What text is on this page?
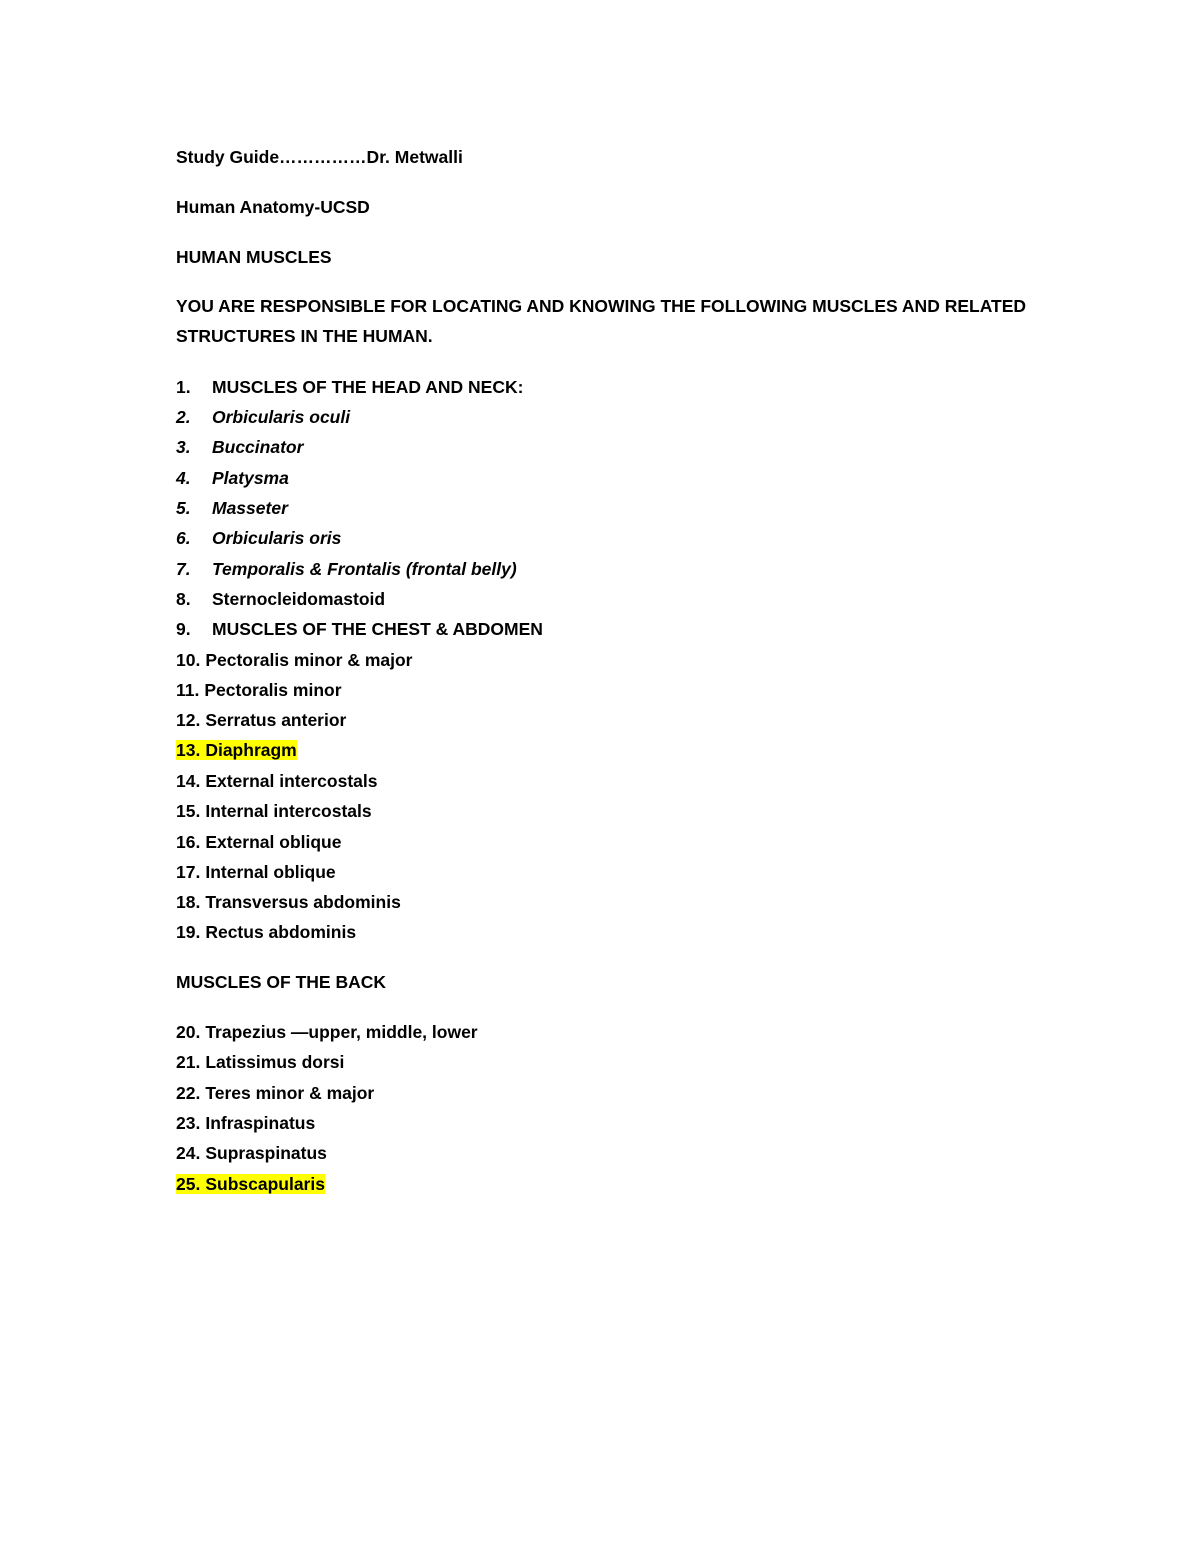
Study Guide……………Dr. Metwalli
Human Anatomy-UCSD
HUMAN MUSCLES
YOU ARE RESPONSIBLE FOR LOCATING AND KNOWING THE FOLLOWING MUSCLES AND RELATED STRUCTURES IN THE HUMAN.
1. MUSCLES OF THE HEAD AND NECK:
2. Orbicularis oculi
3. Buccinator
4. Platysma
5. Masseter
6. Orbicularis oris
7. Temporalis & Frontalis (frontal belly)
8. Sternocleidomastoid
9. MUSCLES OF THE CHEST & ABDOMEN
10. Pectoralis minor & major
11. Pectoralis minor
12. Serratus anterior
13. Diaphragm
14. External intercostals
15. Internal intercostals
16. External oblique
17. Internal oblique
18. Transversus abdominis
19. Rectus abdominis
MUSCLES OF THE BACK
20. Trapezius —upper, middle, lower
21. Latissimus dorsi
22. Teres minor & major
23. Infraspinatus
24. Supraspinatus
25. Subscapularis
